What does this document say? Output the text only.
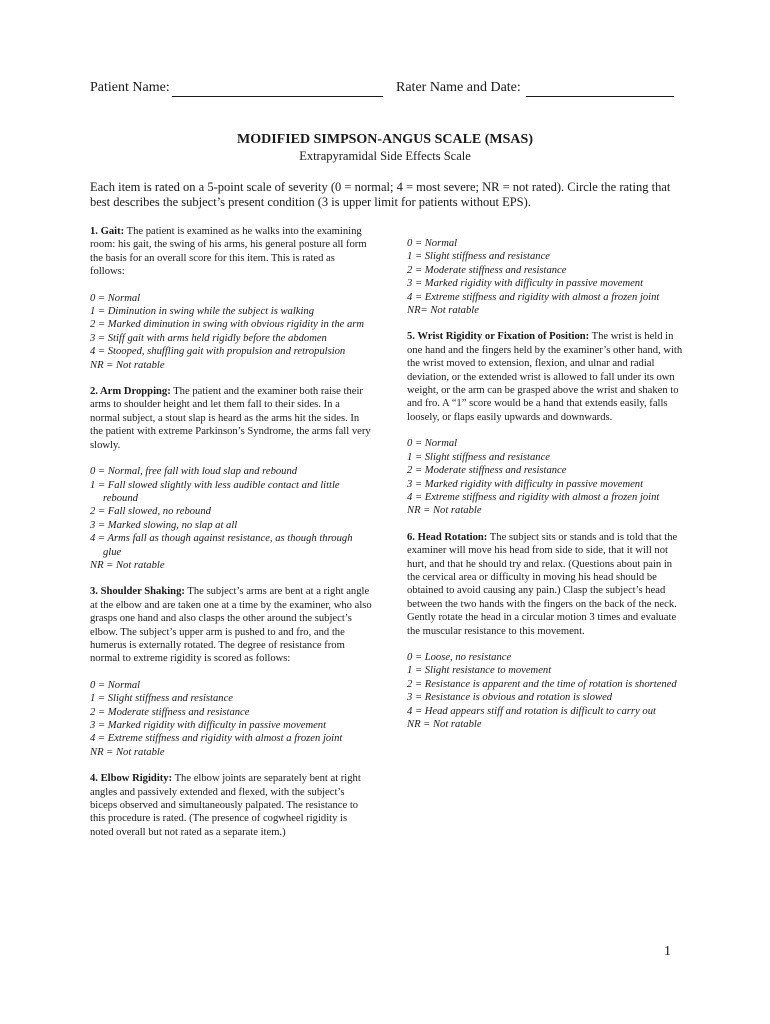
Patient Name:	Rater Name and Date:
MODIFIED SIMPSON-ANGUS SCALE (MSAS)
Extrapyramidal Side Effects Scale
Each item is rated on a 5-point scale of severity (0 = normal; 4 = most severe; NR = not rated). Circle the rating that best describes the subject’s present condition (3 is upper limit for patients without EPS).

1. Gait: The patient is examined as he walks into the examining room: his gait, the swing of his arms, his general posture all form the basis for an overall score for this item. This is rated as follows:

0 = Normal
1 = Diminution in swing while the subject is walking
2 = Marked diminution in swing with obvious rigidity in the arm
3 = Stiff gait with arms held rigidly before the abdomen
4 = Stooped, shuffling gait with propulsion and retropulsion
NR = Not ratable

2. Arm Dropping: The patient and the examiner both raise their arms to shoulder height and let them fall to their sides. In a normal subject, a stout slap is heard as the arms hit the sides. In the patient with extreme Parkinson’s Syndrome, the arms fall very slowly.

0 = Normal, free fall with loud slap and rebound
1 = Fall slowed slightly with less audible contact and little rebound
2 = Fall slowed, no rebound
3 = Marked slowing, no slap at all
4 = Arms fall as though against resistance, as though through glue
NR = Not ratable

3. Shoulder Shaking: The subject’s arms are bent at a right angle at the elbow and are taken one at a time by the examiner, who also grasps one hand and also clasps the other around the subject’s elbow. The subject’s upper arm is pushed to and fro, and the humerus is externally rotated. The degree of resistance from normal to extreme rigidity is scored as follows:

0 = Normal
1 = Slight stiffness and resistance
2 = Moderate stiffness and resistance
3 = Marked rigidity with difficulty in passive movement
4 = Extreme stiffness and rigidity with almost a frozen joint
NR = Not ratable

4. Elbow Rigidity: The elbow joints are separately bent at right angles and passively extended and flexed, with the subject’s biceps observed and simultaneously palpated. The resistance to this procedure is rated. (The presence of cogwheel rigidity is noted overall but not rated as a separate item.)

0 = Normal
1 = Slight stiffness and resistance
2 = Moderate stiffness and resistance
3 = Marked rigidity with difficulty in passive movement
4 = Extreme stiffness and rigidity with almost a frozen joint
NR= Not ratable

5. Wrist Rigidity or Fixation of Position: The wrist is held in one hand and the fingers held by the examiner’s other hand, with the wrist moved to extension, flexion, and ulnar and radial deviation, or the extended wrist is allowed to fall under its own weight, or the arm can be grasped above the wrist and shaken to and fro. A “1” score would be a hand that extends easily, falls loosely, or flaps easily upwards and downwards.

0 = Normal
1 = Slight stiffness and resistance
2 = Moderate stiffness and resistance
3 = Marked rigidity with difficulty in passive movement
4 = Extreme stiffness and rigidity with almost a frozen joint
NR = Not ratable

6. Head Rotation: The subject sits or stands and is told that the examiner will move his head from side to side, that it will not hurt, and that he should try and relax. (Questions about pain in the cervical area or difficulty in moving his head should be obtained to avoid causing any pain.) Clasp the subject’s head between the two hands with the fingers on the back of the neck. Gently rotate the head in a circular motion 3 times and evaluate the muscular resistance to this movement.

0 = Loose, no resistance
1 = Slight resistance to movement
2 = Resistance is apparent and the time of rotation is shortened
3 = Resistance is obvious and rotation is slowed
4 = Head appears stiff and rotation is difficult to carry out
NR = Not ratable
1
